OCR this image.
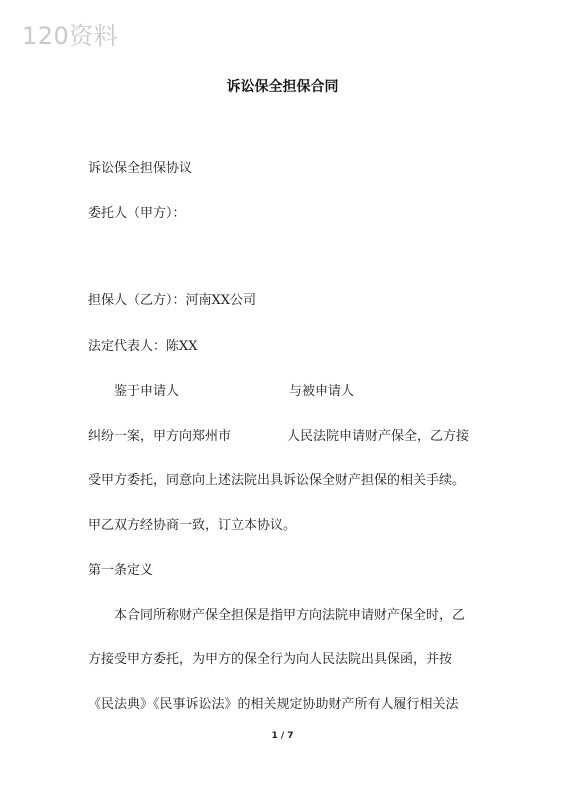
120资料
诉讼保全担保合同
诉讼保全担保协议
委托人（甲方）：
担保人（乙方）：河南XX公司
法定代表人：陈XX
鉴于申请人	与被申请人
纠纷一案，甲方向郑州市	人民法院申请财产保全，乙方接
受甲方委托，同意向上述法院出具诉讼保全财产担保的相关手续。
甲乙双方经协商一致，订立本协议。
第一条定义
本合同所称财产保全担保是指甲方向法院申请财产保全时，乙
方接受甲方委托，为甲方的保全行为向人民法院出具保函，并按
《民法典》《民事诉讼法》的相关规定协助财产所有人履行相关法
1 / 7
